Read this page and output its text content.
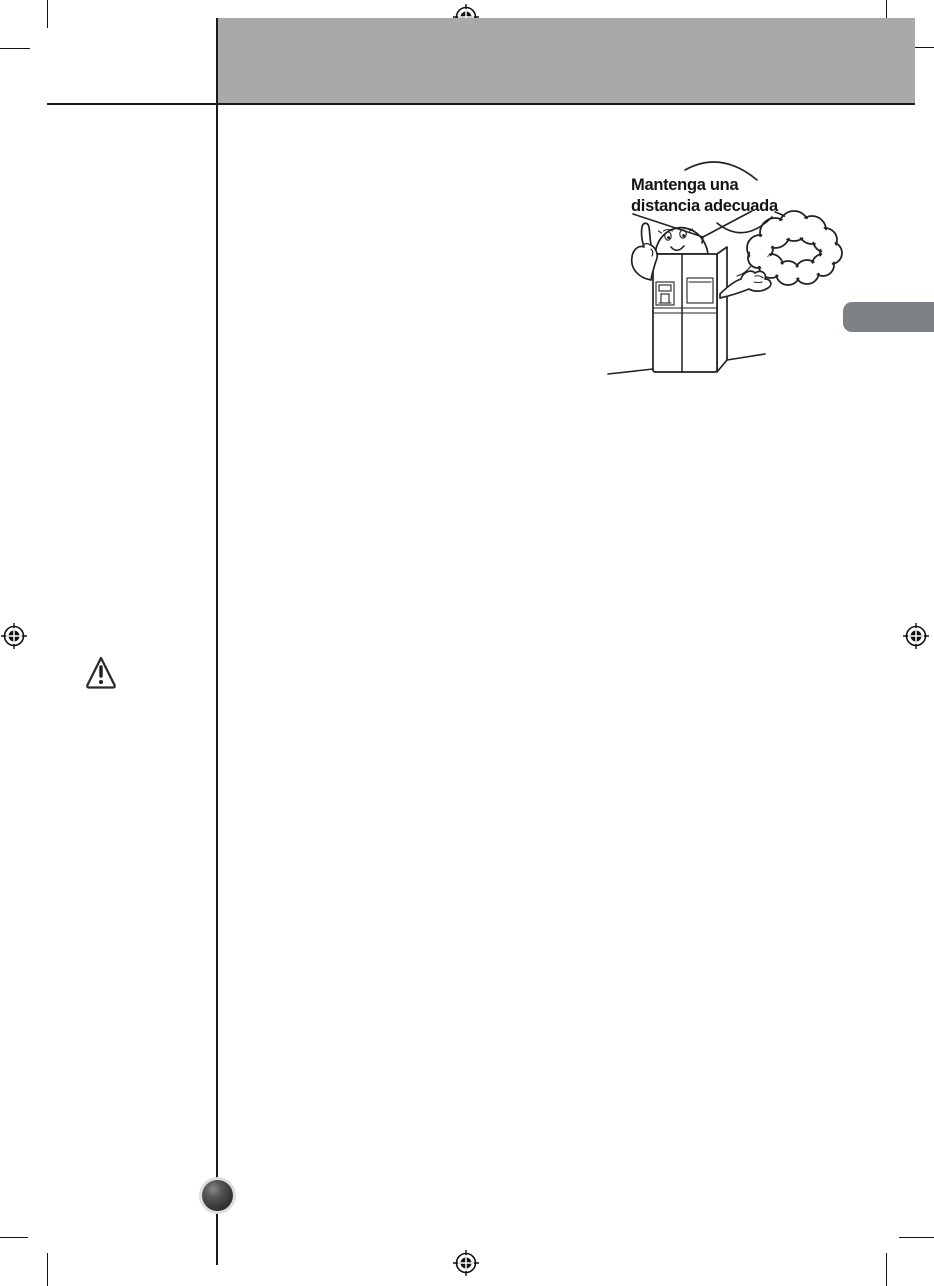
Mantenga una
distancia adecuada
